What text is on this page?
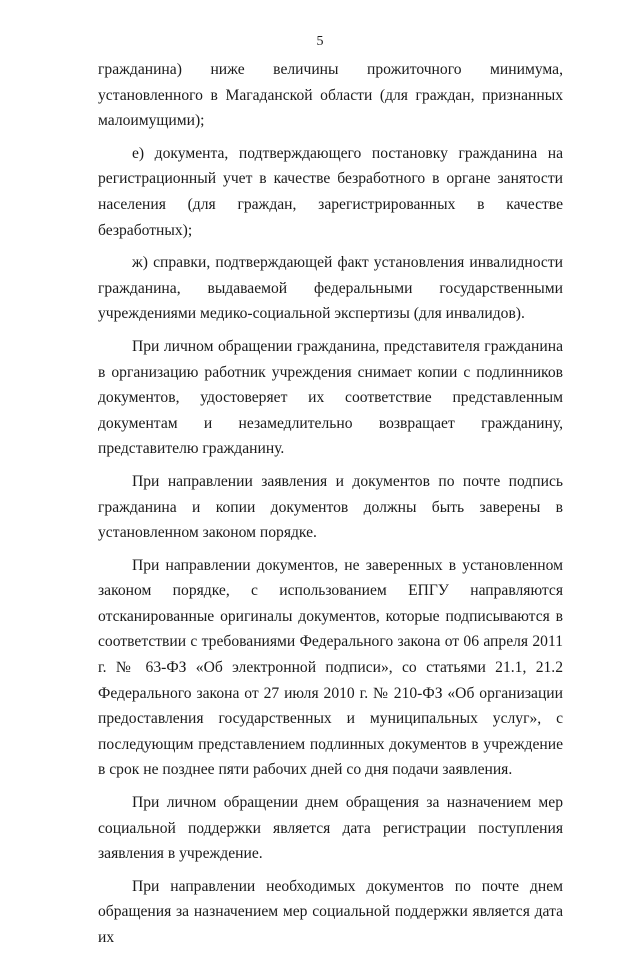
5

гражданина) ниже величины прожиточного минимума, установленного в Магаданской области (для граждан, признанных малоимущими);

е) документа, подтверждающего постановку гражданина на регистрационный учет в качестве безработного в органе занятости населения (для граждан, зарегистрированных в качестве безработных);

ж) справки, подтверждающей факт установления инвалидности гражданина, выдаваемой федеральными государственными учреждениями медико-социальной экспертизы (для инвалидов).

При личном обращении гражданина, представителя гражданина в организацию работник учреждения снимает копии с подлинников документов, удостоверяет их соответствие представленным документам и незамедлительно возвращает гражданину, представителю гражданину.

При направлении заявления и документов по почте подпись гражданина и копии документов должны быть заверены в установленном законом порядке.

При направлении документов, не заверенных в установленном законом порядке, с использованием ЕПГУ направляются отсканированные оригиналы документов, которые подписываются в соответствии с требованиями Федерального закона от 06 апреля 2011 г. № 63-ФЗ «Об электронной подписи», со статьями 21.1, 21.2 Федерального закона от 27 июля 2010 г. № 210-ФЗ «Об организации предоставления государственных и муниципальных услуг», с последующим представлением подлинных документов в учреждение в срок не позднее пяти рабочих дней со дня подачи заявления.

При личном обращении днем обращения за назначением мер социальной поддержки является дата регистрации поступления заявления в учреждение.

При направлении необходимых документов по почте днем обращения за назначением мер социальной поддержки является дата их
